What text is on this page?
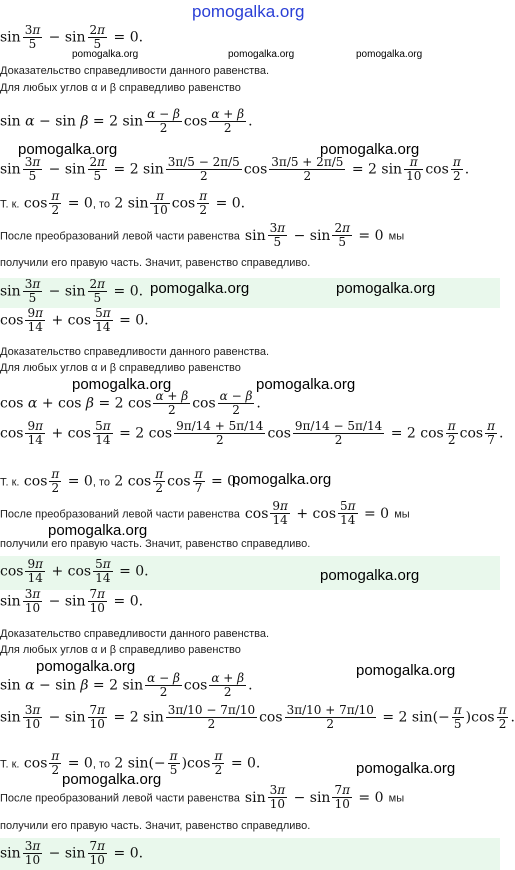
pomogalka.org
$\sin \frac{3\pi}{5} - \sin \frac{2\pi}{5} = 0$.
pomogalka.org	pomogalka.org	pomogalka.org
Доказательство справедливости данного равенства.
Для любых углов α и β справедливо равенство
sin α − sin β = 2 $\sin \frac{\alpha - \beta}{2}$ $\cos \frac{\alpha + \beta}{2}$ .
pomogalka.org	pomogalka.org
$\sin \frac{3\pi}{5} - \sin \frac{2\pi}{5} = 2$ $\sin \frac{3\pi/5 - 2\pi/5}{2}$ $\cos \frac{3\pi/5 + 2\pi/5}{2} = 2$ $\sin \frac{\pi}{10}$ $\cos \frac{\pi}{2}$ .
Т. к. $\cos \frac{\pi}{2} = 0$, то 2 $\sin \frac{\pi}{10}$ $\cos \frac{\pi}{2} = 0$.
После преобразований левой части равенства $\sin \frac{3\pi}{5} - \sin \frac{2\pi}{5} = 0$ мы
получили его правую часть. Значит, равенство справедливо.
$\sin \frac{3\pi}{5} - \sin \frac{2\pi}{5} = 0$. pomogalka.org	pomogalka.org
$\cos \frac{9\pi}{14} + \cos \frac{5\pi}{14} = 0$.
Доказательство справедливости данного равенства.
Для любых углов α и β справедливо равенство
pomogalka.org	pomogalka.org
cos α + cos β = 2 $\cos \frac{\alpha + \beta}{2}$ $\cos \frac{\alpha - \beta}{2}$ .
$\cos \frac{9\pi}{14} + \cos \frac{5\pi}{14} = 2$ $\cos \frac{9\pi/14 + 5\pi/14}{2}$ $\cos \frac{9\pi/14 - 5\pi/14}{2} = 2$ $\cos \frac{\pi}{2}$ $\cos \frac{\pi}{7}$ .
Т. к. $\cos \frac{\pi}{2} = 0$, то 2 $\cos \frac{\pi}{2}$ $\cos \frac{\pi}{7} = 0$.
pomogalka.org
После преобразований левой части равенства $\cos \frac{9\pi}{14} + \cos \frac{5\pi}{14} = 0$ мы
pomogalka.org
получили его правую часть. Значит, равенство справедливо.
$\cos \frac{9\pi}{14} + \cos \frac{5\pi}{14} = 0$.	pomogalka.org
$\sin \frac{3\pi}{10} - \sin \frac{7\pi}{10} = 0$.
Доказательство справедливости данного равенства.
Для любых углов α и β справедливо равенство
pomogalka.org	pomogalka.org
sin α − sin β = 2 $\sin \frac{\alpha - \beta}{2}$ $\cos \frac{\alpha + \beta}{2}$ .
$\sin \frac{3\pi}{10} - \sin \frac{7\pi}{10} = 2$ $\sin \frac{3\pi/10 - 7\pi/10}{2}$ $\cos \frac{3\pi/10 + 7\pi/10}{2} = 2$ $\sin(- \frac{\pi}{5} )\cos \frac{\pi}{2}$ .
Т. к. $\cos \frac{\pi}{2} = 0$, то 2 $\sin(- \frac{\pi}{5} )\cos \frac{\pi}{2} = 0$.	pomogalka.org
pomogalka.org
После преобразований левой части равенства $\sin \frac{3\pi}{10} - \sin \frac{7\pi}{10} = 0$ мы
получили его правую часть. Значит, равенство справедливо.
$\sin \frac{3\pi}{10} - \sin \frac{7\pi}{10} = 0$.
